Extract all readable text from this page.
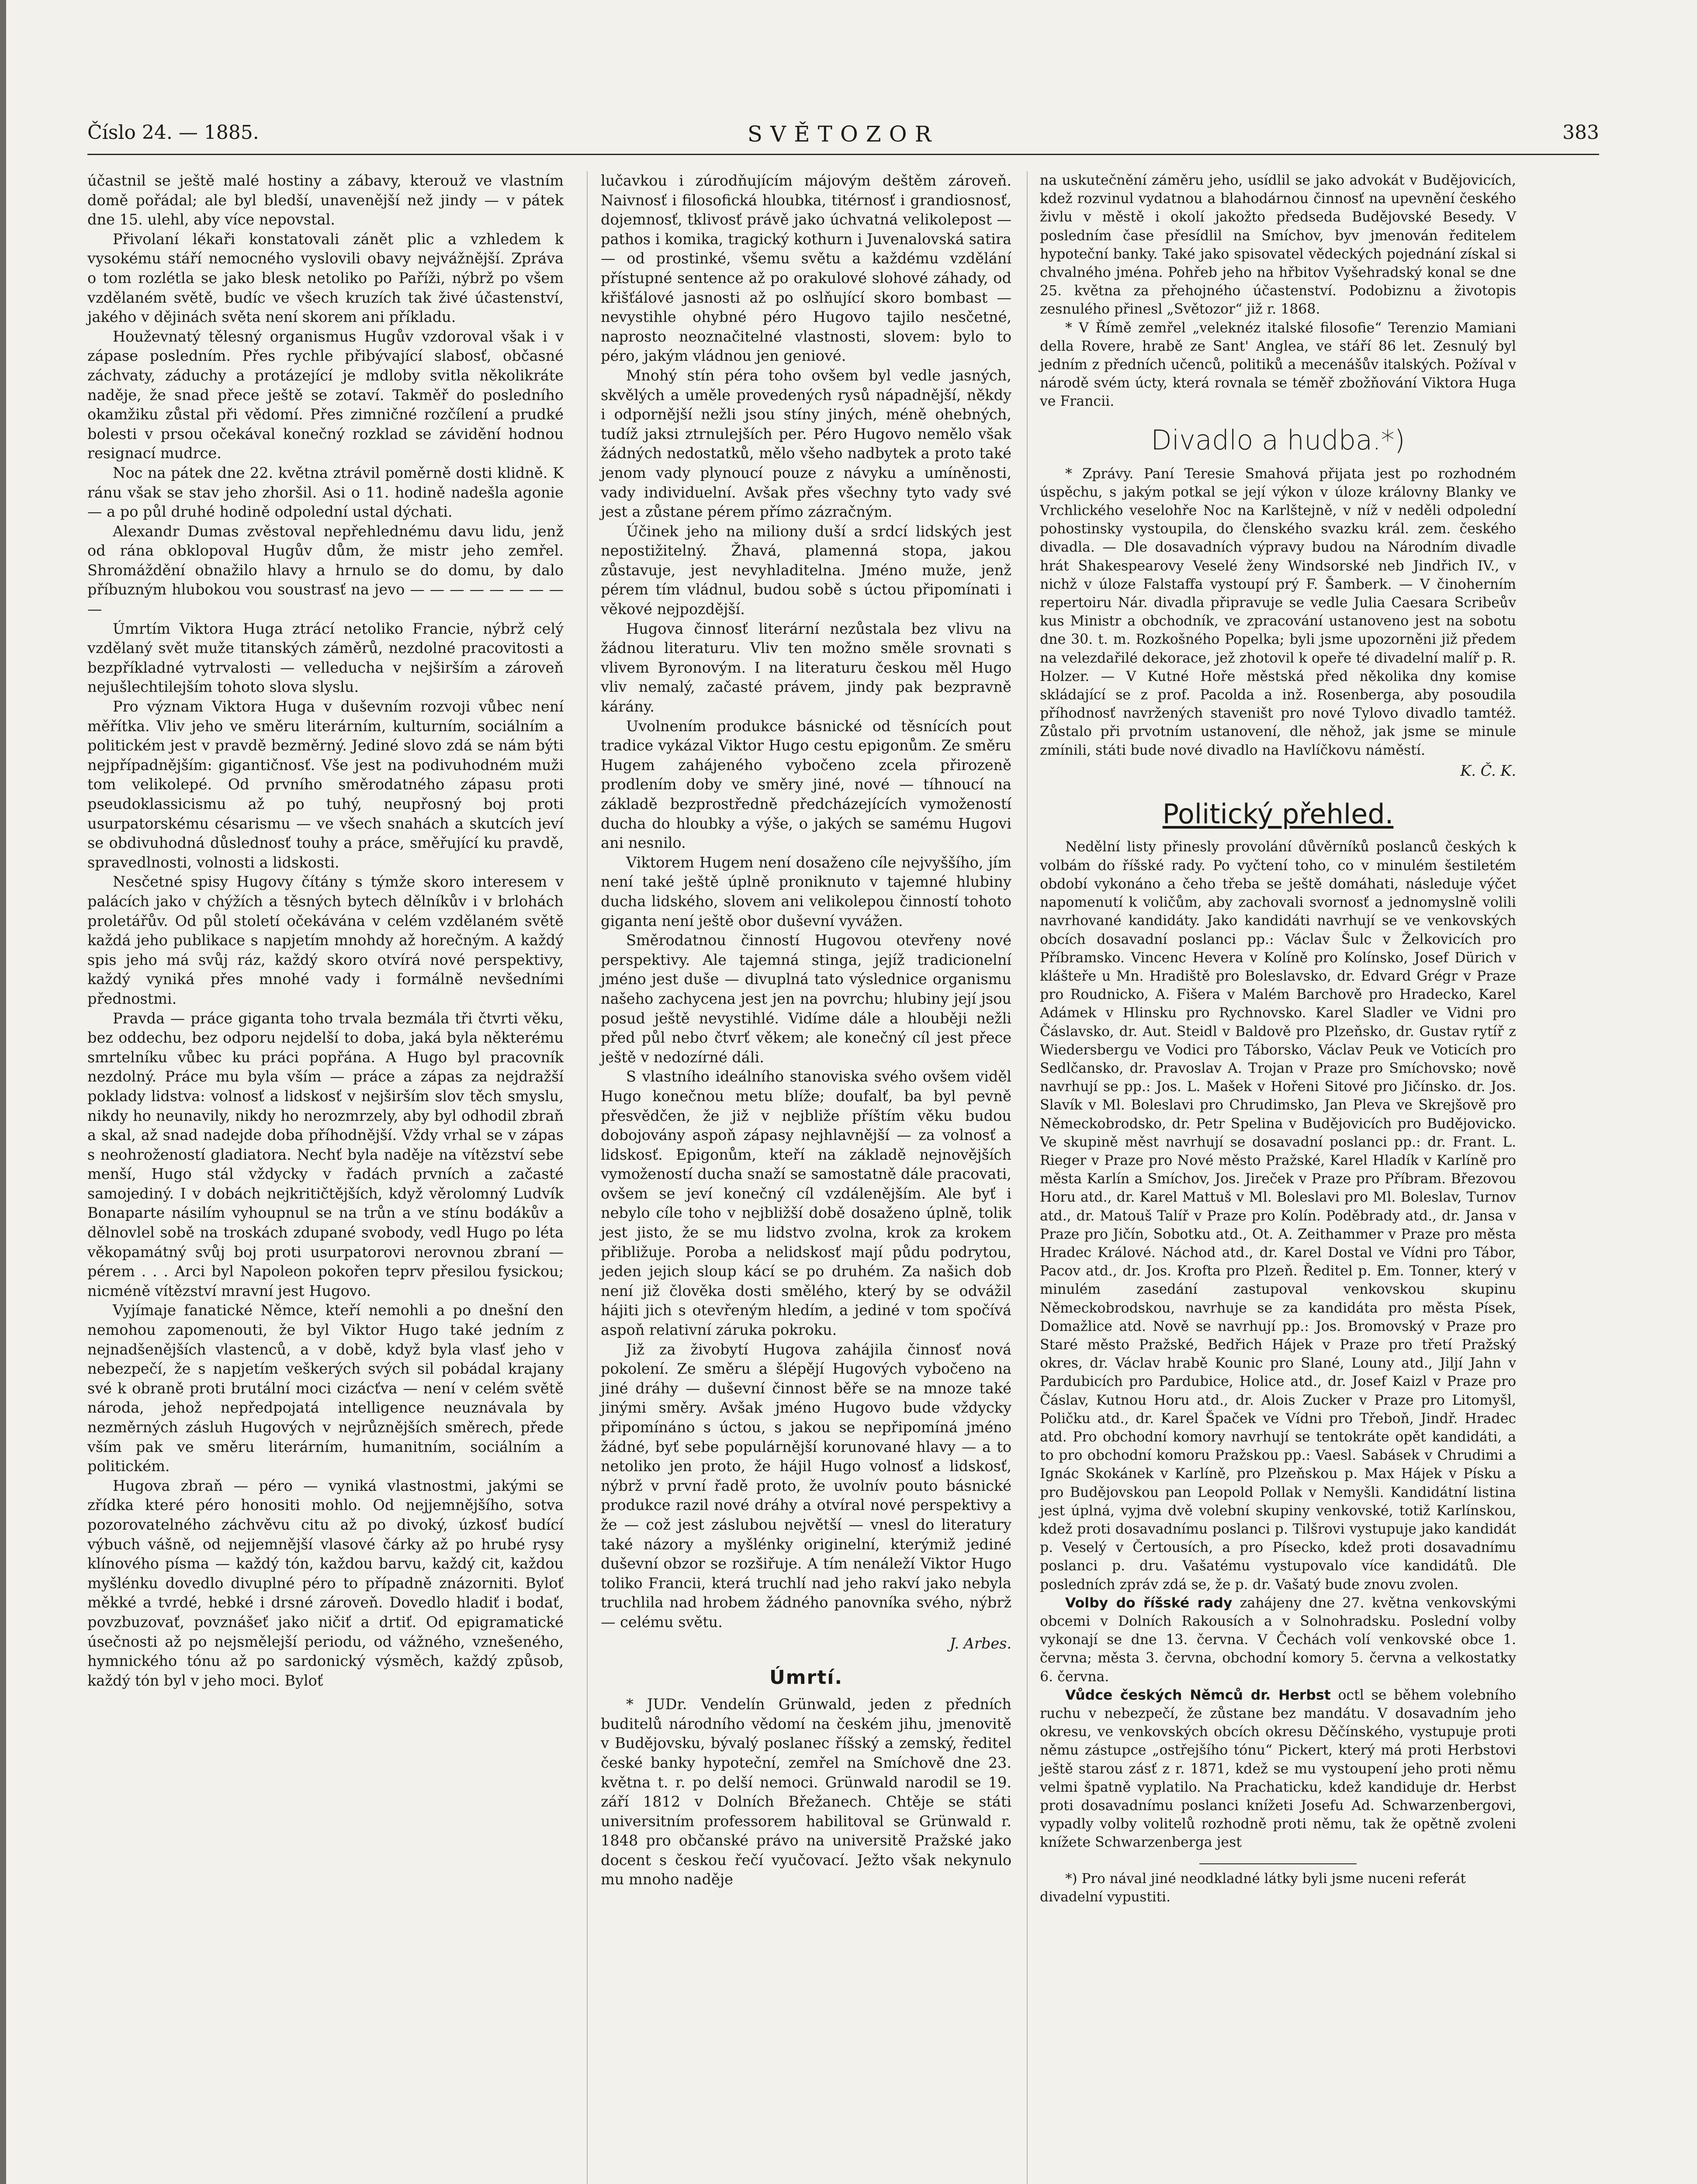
Číslo 24. — 1885.	SVĚTOZOR	383

účastnil se ještě malé hostiny a zábavy, kterouž ve vlastním domě pořádal; ale byl bledší, unavenější než jindy — v pátek dne 15. ulehl, aby více nepovstal.

Přivolaní lékaři konstatovali zánět plic a vzhledem k vysokému stáří nemocného vyslovili obavy nejvážnější. Zpráva o tom rozlétla se jako blesk netoliko po Paříži, nýbrž po všem vzdělaném světě, budíc ve všech kruzích tak živé účastenství, jakého v dějinách světa není skorem ani příkladu.

Houževnatý tělesný organismus Hugův vzdoroval však i v zápase posledním. Přes rychle přibývající slabosť, občasné záchvaty, záduchy a protázející je mdloby svitla několikráte naděje, že snad přece ještě se zotaví. Takměř do posledního okamžiku zůstal při vědomí. Přes zimničné rozčílení a prudké bolesti v prsou očekával konečný rozklad se závidění hodnou resignací mudrce.

Noc na pátek dne 22. května ztrávil poměrně dosti klidně. K ránu však se stav jeho zhoršil. Asi o 11. hodině nadešla agonie — a po půl druhé hodině odpolední ustal dýchati.

Alexandr Dumas zvěstoval nepřehlednému davu lidu, jenž od rána obklopoval Hugův dům, že mistr jeho zemřel. Shromáždění obnažilo hlavy a hrnulo se do domu, by dalo příbuzným hlubokou vou soustrasť na jevo — — — — — — — — —

Úmrtím Viktora Huga ztrácí netoliko Francie, nýbrž celý vzdělaný svět muže titanských záměrů, nezdolné pracovitosti a bezpříkladné vytrvalosti — velleducha v nejširším a zároveň nejušlechtilejším tohoto slova slyslu.

Pro význam Viktora Huga v duševním rozvoji vůbec není měřítka. Vliv jeho ve směru literárním, kulturním, sociálním a politickém jest v pravdě bezměrný. Jediné slovo zdá se nám býti nejpřípadnějším: gigantičnosť. Vše jest na podivuhodném muži tom velikolepé. Od prvního směrodatného zápasu proti pseudoklassicismu až po tuhý, neupřosný boj proti usurpatorskému césarismu — ve všech snahách a skutcích jeví se obdivuhodná důslednosť touhy a práce, směřující ku pravdě, spravedlnosti, volnosti a lidskosti.

Nesčetné spisy Hugovy čítány s týmže skoro interesem v palácích jako v chýžích a těsných bytech dělníkův i v brlohách proletářův. Od půl století očekávána v celém vzdělaném světě každá jeho publikace s napjetím mnohdy až horečným. A každý spis jeho má svůj ráz, každý skoro otvírá nové perspektivy, každý vyniká přes mnohé vady i formálně nevšedními přednostmi.

Pravda — práce giganta toho trvala bezmála tři čtvrti věku, bez oddechu, bez odporu nejdelší to doba, jaká byla některému smrtelníku vůbec ku práci popřána. A Hugo byl pracovník nezdolný. Práce mu byla vším — práce a zápas za nejdražší poklady lidstva: volnosť a lidskosť v nejširším slov těch smyslu, nikdy ho neunavily, nikdy ho nerozmrzely, aby byl odhodil zbraň a skal, až snad nadejde doba příhodnější. Vždy vrhal se v zápas s neohrožeností gladiatora. Nechť byla naděje na vítězství sebe menší, Hugo stál vždycky v řadách prvních a začasté samojediný. I v dobách nejkritičtějších, když věrolomný Ludvík Bonaparte násilím vyhoupnul se na trůn a ve stínu bodákův a dělnovlel sobě na troskách zdupané svobody, vedl Hugo po léta věkopamátný svůj boj proti usurpatorovi nerovnou zbraní — pérem . . . Arci byl Napoleon pokořen teprv přesilou fysickou; nicméně vítězství mravní jest Hugovo.

Vyjímaje fanatické Němce, kteří nemohli a po dnešní den nemohou zapomenouti, že byl Viktor Hugo také jedním z nejnadšenějších vlastenců, a v době, když byla vlasť jeho v nebezpečí, že s napjetím veškerých svých sil pobádal krajany své k obraně proti brutální moci cizácťva — není v celém světě národa, jehož nepředpojatá intelligence neuznávala by nezměrných zásluh Hugových v nejrůznějších směrech, přede vším pak ve směru literárním, humanitním, sociálním a politickém.

Hugova zbraň — péro — vyniká vlastnostmi, jakými se zřídka které péro honositi mohlo. Od nejjemnějšího, sotva pozorovatelného záchvěvu citu až po divoký, úzkosť budící výbuch vášně, od nejjemnější vlasové čárky až po hrubé rysy klínového písma — každý tón, každou barvu, každý cit, každou myšlénku dovedlo divuplné péro to případně znázorniti. Byloť měkké a tvrdé, hebké i drsné zároveň. Dovedlo hladiť i bodať, povzbuzovať, povznášeť jako ničiť a drtiť. Od epigramatické úsečnosti až po nejsmělejší periodu, od vážného, vznešeného, hymnického tónu až po sardonický výsměch, každý způsob, každý tón byl v jeho moci. Byloť

lučavkou i zúrodňujícím májovým deštěm zároveň. Naivnosť i filosofická hloubka, titérnosť i grandiosnosť, dojemnosť, tklivosť právě jako úchvatná velikolepost — pathos i komika, tragický kothurn i Juvenalovská satira — od prostinké, všemu světu a každému vzdělání přístupné sentence až po orakulové slohové záhady, od křišťálové jasnosti až po oslňující skoro bombast — nevystihle ohybné péro Hugovo tajilo nesčetné, naprosto neoznačitelné vlastnosti, slovem: bylo to péro, jakým vládnou jen geniové.

Mnohý stín péra toho ovšem byl vedle jasných, skvělých a uměle provedených rysů nápadnější, někdy i odpornější nežli jsou stíny jiných, méně ohebných, tudíž jaksi ztrnulejších per. Péro Hugovo nemělo však žádných nedostatků, mělo všeho nadbytek a proto také jenom vady plynoucí pouze z návyku a umíněnosti, vady individuelní. Avšak přes všechny tyto vady své jest a zůstane pérem přímo zázračným.

Účinek jeho na miliony duší a srdcí lidských jest nepostižitelný. Žhavá, plamenná stopa, jakou zůstavuje, jest nevyhladitelna. Jméno muže, jenž pérem tím vládnul, budou sobě s úctou připomínati i věkové nejpozdější.

Hugova činnosť literární nezůstala bez vlivu na žádnou literaturu. Vliv ten možno směle srovnati s vlivem Byronovým. I na literaturu českou měl Hugo vliv nemalý, začasté právem, jindy pak bezpravně kárány.

Uvolnením produkce básnické od těsnících pout tradice vykázal Viktor Hugo cestu epigonům. Ze směru Hugem zahájeného vybočeno zcela přirozeně prodlením doby ve směry jiné, nové — tíhnoucí na základě bezprostředně předcházejících vymožeností ducha do hloubky a výše, o jakých se samému Hugovi ani nesnilo.

Viktorem Hugem není dosaženo cíle nejvyššího, jím není také ještě úplně proniknuto v tajemné hlubiny ducha lidského, slovem ani velikolepou činností tohoto giganta není ještě obor duševní vyvážen.

Směrodatnou činností Hugovou otevřeny nové perspektivy. Ale tajemná stinga, jejíž tradicionelní jméno jest duše — divuplná tato výslednice organismu našeho zachycena jest jen na povrchu; hlubiny její jsou posud ještě nevystihlé. Vidíme dále a hlouběji nežli před půl nebo čtvrť věkem; ale konečný cíl jest přece ještě v nedozírné dáli.

S vlastního ideálního stanoviska svého ovšem viděl Hugo konečnou metu blíže; doufalť, ba byl pevně přesvědčen, že již v nejbliže příštím věku budou dobojovány aspoň zápasy nejhlavnější — za volnosť a lidskosť. Epigonům, kteří na základě nejnovějších vymožeností ducha snaží se samostatně dále pracovati, ovšem se jeví konečný cíl vzdálenějším. Ale byť i nebylo cíle toho v nejbližší době dosaženo úplně, tolik jest jisto, že se mu lidstvo zvolna, krok za krokem přibližuje. Poroba a nelidskosť mají půdu podrytou, jeden jejich sloup kácí se po druhém. Za našich dob není již člověka dosti smělého, který by se odvážil hájiti jich s otevřeným hledím, a jediné v tom spočívá aspoň relativní záruka pokroku.

Již za živobytí Hugova zahájila činnosť nová pokolení. Ze směru a šlépějí Hugových vybočeno na jiné dráhy — duševní činnost běře se na mnoze také jinými směry. Avšak jméno Hugovo bude vždycky připomínáno s úctou, s jakou se nepřipomíná jméno žádné, byť sebe populárnější korunované hlavy — a to netoliko jen proto, že hájil Hugo volnosť a lidskosť, nýbrž v první řadě proto, že uvolnív pouto básnické produkce razil nové dráhy a otvíral nové perspektivy a že — což jest záslubou největší — vnesl do literatury také názory a myšlénky originelní, kterýmiž jediné duševní obzor se rozšiřuje. A tím nenáleží Viktor Hugo toliko Francii, která truchlí nad jeho rakví jako nebyla truchlila nad hrobem žádného panovníka svého, nýbrž — celému světu.

J. Arbes.

Úmrtí.

* JUDr. Vendelín Grünwald, jeden z předních buditelů národního vědomí na českém jihu, jmenovitě v Budějovsku, bývalý poslanec říšský a zemský, ředitel české banky hypoteční, zemřel na Smíchově dne 23. května t. r. po delší nemoci. Grünwald narodil se 19. září 1812 v Dolních Břežanech. Chtěje se státi universitním professorem habilitoval se Grünwald r. 1848 pro občanské právo na universitě Pražské jako docent s českou řečí vyučovací. Ježto však nekynulo mu mnoho naděje

na uskutečnění záměru jeho, usídlil se jako advokát v Budějovicích, kdež rozvinul vydatnou a blahodárnou činnosť na upevnění českého živlu v městě i okolí jakožto předseda Budějovské Besedy. V posledním čase přesídlil na Smíchov, byv jmenován ředitelem hypoteční banky. Také jako spisovatel vědeckých pojednání získal si chvalného jména. Pohřeb jeho na hřbitov Vyšehradský konal se dne 25. května za přehojného účastenství. Podobiznu a životopis zesnulého přinesl „Světozor“ již r. 1868.

* V Římě zemřel „veleknéz italské filosofie“ Terenzio Mamiani della Rovere, hrabě ze Sant' Anglea, ve stáří 86 let. Zesnulý byl jedním z předních učenců, politiků a mecenášův italských. Požíval v národě svém úcty, která rovnala se téměř zbožňování Viktora Huga ve Francii.

Divadlo a hudba.*)

* Zprávy. Paní Teresie Smahová přijata jest po rozhodném úspěchu, s jakým potkal se její výkon v úloze královny Blanky ve Vrchlického veselohře Noc na Karlštejně, v níž v neděli odpolední pohostinsky vystoupila, do členského svazku král. zem. českého divadla. — Dle dosavadních výpravy budou na Národním divadle hrát Shakespearovy Veselé ženy Windsorské neb Jindřich IV., v nichž v úloze Falstaffa vystoupí prý F. Šamberk. — V činoherním repertoiru Nár. divadla připravuje se vedle Julia Caesara Scribeův kus Ministr a obchodník, ve zpracování ustanoveno jest na sobotu dne 30. t. m. Rozkošného Popelka; byli jsme upozorněni již předem na velezdařilé dekorace, jež zhotovil k opeře té divadelní malíř p. R. Holzer. — V Kutné Hoře městská před několika dny komise skládající se z prof. Pacolda a inž. Rosenberga, aby posoudila příhodnosť navržených staveništ pro nové Tylovo divadlo tamtéž. Zůstalo při prvotním ustanovení, dle něhož, jak jsme se minule zmínili, státi bude nové divadlo na Havlíčkovu náměstí.

K. Č. K.

Politický přehled.

Nedělní listy přinesly provolání důvěrníků poslanců českých k volbám do říšské rady. Po vyčtení toho, co v minulém šestiletém období vykonáno a čeho třeba se ještě domáhati, následuje výčet napomenutí k voličům, aby zachovali svornosť a jednomyslně volili navrhované kandidáty. Jako kandidáti navrhují se ve venkovských obcích dosavadní poslanci pp.: Václav Šulc v Želkovicích pro Příbramsko. Vincenc Hevera v Kolíně pro Kolínsko, Josef Dürich v klášteře u Mn. Hradiště pro Boleslavsko, dr. Edvard Grégr v Praze pro Roudnicko, A. Fišera v Malém Barchově pro Hradecko, Karel Adámek v Hlinsku pro Rychnovsko. Karel Sladler ve Vidni pro Čáslavsko, dr. Aut. Steidl v Baldově pro Plzeňsko, dr. Gustav rytíř z Wiedersbergu ve Vodici pro Táborsko, Václav Peuk ve Voticích pro Sedlčansko, dr. Pravoslav A. Trojan v Praze pro Smíchovsko; nově navrhují se pp.: Jos. L. Mašek v Hořeni Sitové pro Jičínsko. dr. Jos. Slavík v Ml. Boleslavi pro Chrudimsko, Jan Pleva ve Skrejšově pro Německobrodsko, dr. Petr Spelina v Budějovicích pro Budějovicko. Ve skupině měst navrhují se dosavadní poslanci pp.: dr. Frant. L. Rieger v Praze pro Nové město Pražské, Karel Hladík v Karlíně pro města Karlín a Smíchov, Jos. Jireček v Praze pro Příbram. Březovou Horu atd., dr. Karel Mattuš v Ml. Boleslavi pro Ml. Boleslav, Turnov atd., dr. Matouš Talíř v Praze pro Kolín. Poděbrady atd., dr. Jansa v Praze pro Jičín, Sobotku atd., Ot. A. Zeithammer v Praze pro města Hradec Králové. Náchod atd., dr. Karel Dostal ve Vídni pro Tábor, Pacov atd., dr. Jos. Krofta pro Plzeň. Ředitel p. Em. Tonner, který v minulém zasedání zastupoval venkovskou skupinu Německobrodskou, navrhuje se za kandidáta pro města Písek, Domažlice atd. Nově se navrhují pp.: Jos. Bromovský v Praze pro Staré město Pražské, Bedřich Hájek v Praze pro třetí Pražský okres, dr. Václav hrabě Kounic pro Slané, Louny atd., Jiljí Jahn v Pardubicích pro Pardubice, Holice atd., dr. Josef Kaizl v Praze pro Čáslav, Kutnou Horu atd., dr. Alois Zucker v Praze pro Litomyšl, Poličku atd., dr. Karel Špaček ve Vídni pro Třeboň, Jindř. Hradec atd. Pro obchodní komory navrhují se tentokráte opět kandidáti, a to pro obchodní komoru Pražskou pp.: Vaesl. Sabásek v Chrudimi a Ignác Skokánek v Karlíně, pro Plzeňskou p. Max Hájek v Písku a pro Budějovskou pan Leopold Pollak v Nemyšli. Kandidátní listina jest úplná, vyjma dvě volební skupiny venkovské, totiž Karlínskou, kdež proti dosavadnímu poslanci p. Tilšrovi vystupuje jako kandidát p. Veselý v Čertousích, a pro Písecko, kdež proti dosavadnímu poslanci p. dru. Vašatému vystupovalo více kandidátů. Dle posledních zpráv zdá se, že p. dr. Vašatý bude znovu zvolen.

Volby do říšské rady zahájeny dne 27. května venkovskými obcemi v Dolních Rakousích a v Solnohradsku. Poslední volby vykonají se dne 13. června. V Čechách volí venkovské obce 1. června; města 3. června, obchodní komory 5. června a velkostatky 6. června.

Vůdce českých Němců dr. Herbst octl se během volebního ruchu v nebezpečí, že zůstane bez mandátu. V dosavadním jeho okresu, ve venkovských obcích okresu Děčínského, vystupuje proti němu zástupce „ostřejšího tónu“ Pickert, který má proti Herbstovi ještě starou zásť z r. 1871, kdež se mu vystoupení jeho proti němu velmi špatně vyplatilo. Na Prachaticku, kdež kandiduje dr. Herbst proti dosavadnímu poslanci knížeti Josefu Ad. Schwarzenbergovi, vypadly volby volitelů rozhodně proti němu, tak že opětně zvoleni knížete Schwarzenberga jest

*) Pro nával jiné neodkladné látky byli jsme nuceni referát divadelní vypustiti.
